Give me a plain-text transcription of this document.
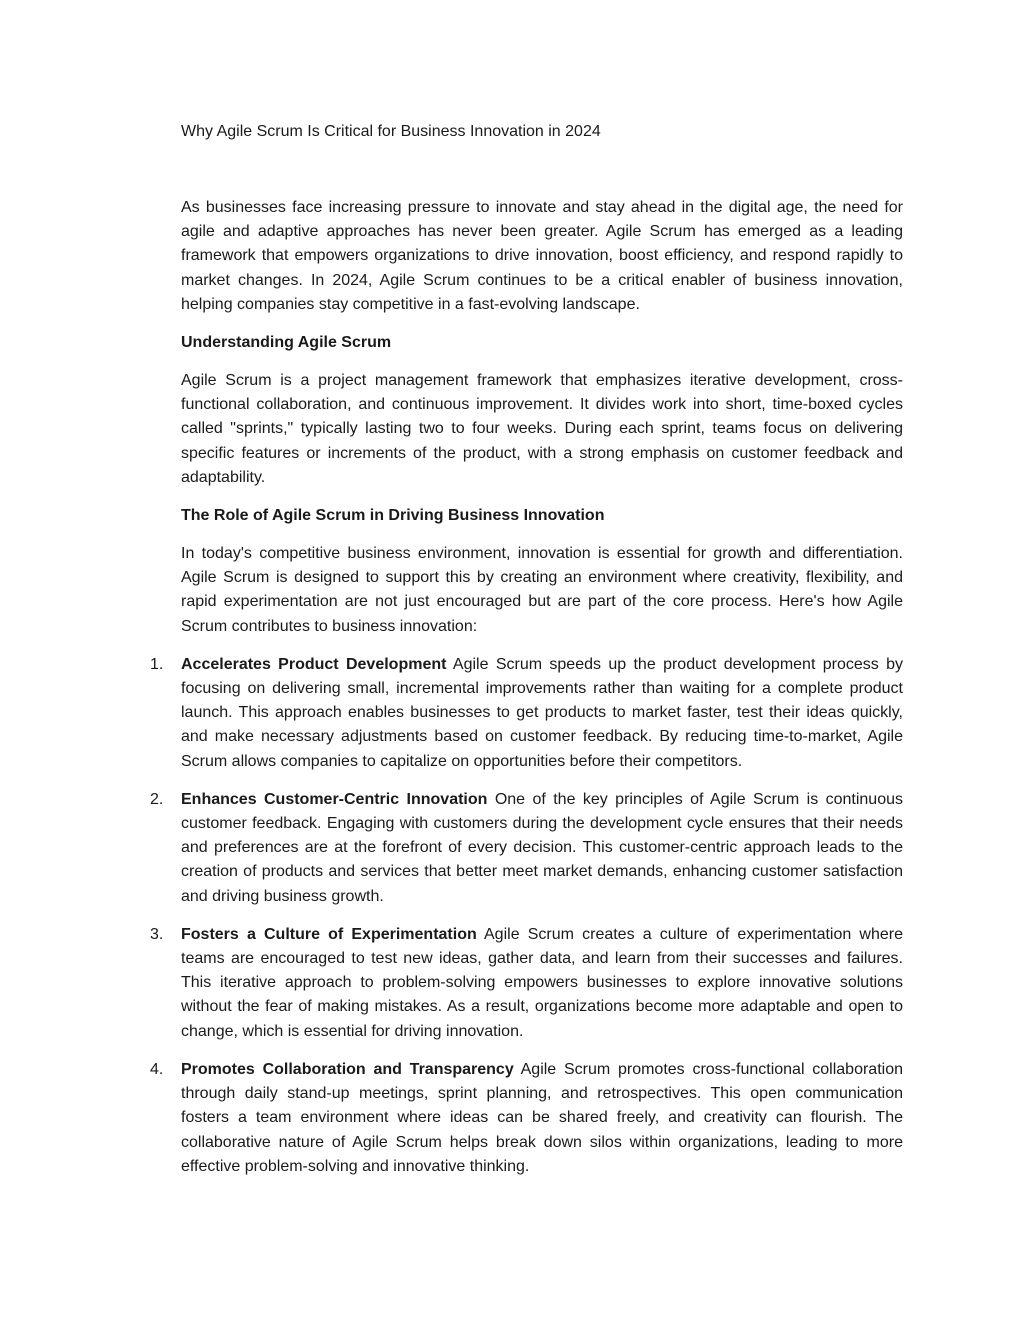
Why Agile Scrum Is Critical for Business Innovation in 2024

As businesses face increasing pressure to innovate and stay ahead in the digital age, the need for agile and adaptive approaches has never been greater. Agile Scrum has emerged as a leading framework that empowers organizations to drive innovation, boost efficiency, and respond rapidly to market changes. In 2024, Agile Scrum continues to be a critical enabler of business innovation, helping companies stay competitive in a fast-evolving landscape.

Understanding Agile Scrum

Agile Scrum is a project management framework that emphasizes iterative development, cross-functional collaboration, and continuous improvement. It divides work into short, time-boxed cycles called "sprints," typically lasting two to four weeks. During each sprint, teams focus on delivering specific features or increments of the product, with a strong emphasis on customer feedback and adaptability.

The Role of Agile Scrum in Driving Business Innovation

In today's competitive business environment, innovation is essential for growth and differentiation. Agile Scrum is designed to support this by creating an environment where creativity, flexibility, and rapid experimentation are not just encouraged but are part of the core process. Here's how Agile Scrum contributes to business innovation:

1. Accelerates Product Development Agile Scrum speeds up the product development process by focusing on delivering small, incremental improvements rather than waiting for a complete product launch. This approach enables businesses to get products to market faster, test their ideas quickly, and make necessary adjustments based on customer feedback. By reducing time-to-market, Agile Scrum allows companies to capitalize on opportunities before their competitors.
2. Enhances Customer-Centric Innovation One of the key principles of Agile Scrum is continuous customer feedback. Engaging with customers during the development cycle ensures that their needs and preferences are at the forefront of every decision. This customer-centric approach leads to the creation of products and services that better meet market demands, enhancing customer satisfaction and driving business growth.
3. Fosters a Culture of Experimentation Agile Scrum creates a culture of experimentation where teams are encouraged to test new ideas, gather data, and learn from their successes and failures. This iterative approach to problem-solving empowers businesses to explore innovative solutions without the fear of making mistakes. As a result, organizations become more adaptable and open to change, which is essential for driving innovation.
4. Promotes Collaboration and Transparency Agile Scrum promotes cross-functional collaboration through daily stand-up meetings, sprint planning, and retrospectives. This open communication fosters a team environment where ideas can be shared freely, and creativity can flourish. The collaborative nature of Agile Scrum helps break down silos within organizations, leading to more effective problem-solving and innovative thinking.
